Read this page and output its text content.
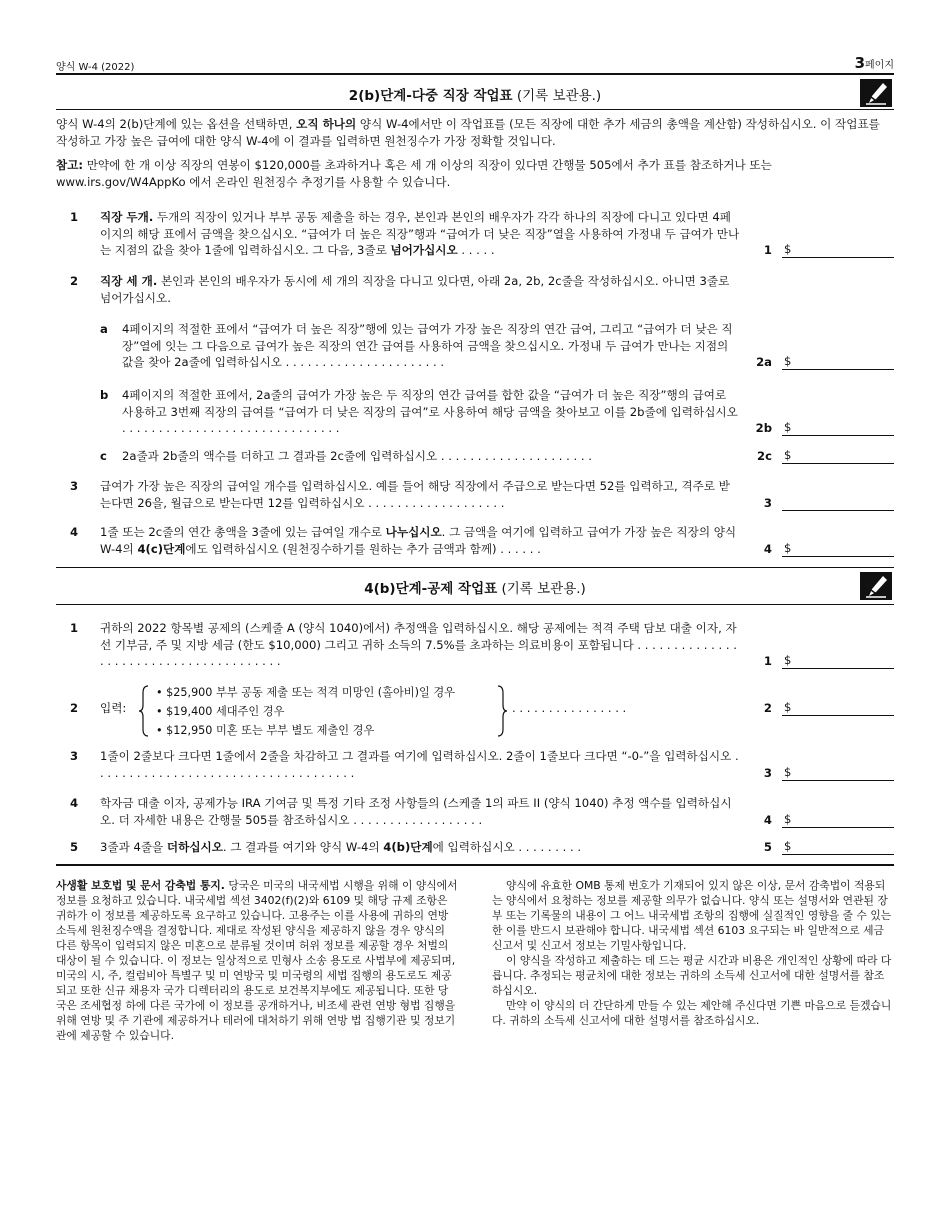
양식 W-4 (2022)	3페이지
2(b)단계-다중 직장 작업표 (기록 보관용.)

양식 W-4의 2(b)단계에 있는 옵션을 선택하면, 오직 하나의 양식 W-4에서만 이 작업표를 (모든 직장에 대한 추가 세금의 총액을 계산함) 작성하십시오. 이 작업표를 작성하고 가장 높은 급여에 대한 양식 W-4에 이 결과를 입력하면 원천징수가 가장 정확할 것입니다.

참고: 만약에 한 개 이상 직장의 연봉이 $120,000를 초과하거나 혹은 세 개 이상의 직장이 있다면 간행물 505에서 추가 표를 참조하거나 또는 www.irs.gov/W4AppKo 에서 온라인 원천징수 추정기를 사용할 수 있습니다.

1 직장 두개. 두개의 직장이 있거나 부부 공동 제출을 하는 경우, 본인과 본인의 배우자가 각각 하나의 직장에 다니고 있다면 4페이지의 해당 표에서 금액을 찾으십시오. “급여가 더 높은 직장”행과 “급여가 더 낮은 직장”열을 사용하여 가정내 두 급여가 만나는 지점의 값을 찾아 1줄에 입력하십시오. 그 다음, 3줄로 넘어가십시오 . . . . .	1 $
2 직장 세 개. 본인과 본인의 배우자가 동시에 세 개의 직장을 다니고 있다면, 아래 2a, 2b, 2c줄을 작성하십시오. 아니면 3줄로 넘어가십시오.
a 4페이지의 적절한 표에서 “급여가 더 높은 직장”행에 있는 급여가 가장 높은 직장의 연간 급여, 그리고 “급여가 더 낮은 직장”열에 잇는 그 다음으로 급여가 높은 직장의 연간 급여를 사용하여 금액을 찾으십시오. 가정내 두 급여가 만나는 지점의 값을 찾아 2a줄에 입력하십시오 . . . . . . . . . . . . . . . . . . . . . .	2a $
b 4페이지의 적절한 표에서, 2a줄의 급여가 가장 높은 두 직장의 연간 급여를 합한 값을 “급여가 더 높은 직장”행의 급여로 사용하고 3번째 직장의 급여를 “급여가 더 낮은 직장의 급여”로 사용하여 해당 금액을 찾아보고 이를 2b줄에 입력하십시오 . . . . . . . . . . . . . . . . . . . . . . . . . . . . . .	2b $
c 2a줄과 2b줄의 액수를 더하고 그 결과를 2c줄에 입력하십시오 . . . . . . . . . . . . . . . . . . . . .	2c $
3 급여가 가장 높은 직장의 급여일 개수를 입력하십시오. 예를 들어 해당 직장에서 주급으로 받는다면 52를 입력하고, 격주로 받는다면 26을, 월급으로 받는다면 12를 입력하십시오 . . . . . . . . . . . . . . . . . . .	3
4 1줄 또는 2c줄의 연간 총액을 3줄에 있는 급여일 개수로 나누십시오. 그 금액을 여기에 입력하고 급여가 가장 높은 직장의 양식 W-4의 4(c)단계에도 입력하십시오 (원천징수하기를 원하는 추가 금액과 함께) . . . . . .	4 $
4(b)단계-공제 작업표 (기록 보관용.)
1 귀하의 2022 항목별 공제의 (스케줄 A (양식 1040)에서) 추정액을 입력하십시오. 해당 공제에는 적격 주택 담보 대출 이자, 자선 기부금, 주 및 지방 세금 (한도 $10,000) 그리고 귀하 소득의 7.5%를 초과하는 의료비용이 포함됩니다 . . . . . . . . . . . . . . . . . . . . . . . . . . . . . . . . . . . . . . .	1 $
2 입력:
• $25,900 부부 공동 제출 또는 적격 미망인 (홀아비)일 경우
• $19,400 세대주인 경우
• $12,950 미혼 또는 부부 별도 제출인 경우
. . . . . . . . . . . . . . . .	2 $
3 1줄이 2줄보다 크다면 1줄에서 2줄을 차감하고 그 결과를 여기에 입력하십시오. 2줄이 1줄보다 크다면 “-0-”을 입력하십시오 . . . . . . . . . . . . . . . . . . . . . . . . . . . . . . . . . . . .	3 $
4 학자금 대출 이자, 공제가능 IRA 기여금 및 특정 기타 조정 사항들의 (스케줄 1의 파트 II (양식 1040) 추정 액수를 입력하십시오. 더 자세한 내용은 간행물 505를 참조하십시오 . . . . . . . . . . . . . . . . . .	4 $
5 3줄과 4줄을 더하십시오. 그 결과를 여기와 양식 W-4의 4(b)단계에 입력하십시오 . . . . . . . . .	5 $
사생활 보호법 및 문서 감축법 통지. 당국은 미국의 내국세법 시행을 위해 이 양식에서 정보를 요청하고 있습니다. 내국세법 섹션 3402(f)(2)와 6109 및 해당 규제 조항은 귀하가 이 정보를 제공하도록 요구하고 있습니다. 고용주는 이를 사용에 귀하의 연방 소득세 원천징수액을 결정합니다. 제대로 작성된 양식을 제공하지 않을 경우 양식의 다른 항목이 입력되지 않은 미혼으로 분류될 것이며 허위 정보를 제공할 경우 처벌의 대상이 될 수 있습니다. 이 정보는 일상적으로 민형사 소송 용도로 사법부에 제공되며, 미국의 시, 주, 컬럼비아 특별구 및 미 연방국 및 미국령의 세법 집행의 용도로도 제공되고 또한 신규 채용자 국가 디렉터리의 용도로 보건복지부에도 제공됩니다. 또한 당국은 조세협정 하에 다른 국가에 이 정보를 공개하거나, 비조세 관련 연방 형법 집행을 위해 연방 및 주 기관에 제공하거나 테러에 대처하기 위해 연방 법 집행기관 및 정보기관에 제공할 수 있습니다.
양식에 유효한 OMB 통제 번호가 기재되어 있지 않은 이상, 문서 감축법이 적용되는 양식에서 요청하는 정보를 제공할 의무가 없습니다. 양식 또는 설명서와 연관된 장부 또는 기록물의 내용이 그 어느 내국세법 조항의 집행에 실질적인 영향을 줄 수 있는 한 이를 반드시 보관해야 합니다. 내국세법 섹션 6103 요구되는 바 일반적으로 세금 신고서 및 신고서 정보는 기밀사항입니다.
이 양식을 작성하고 제출하는 데 드는 평균 시간과 비용은 개인적인 상황에 따라 다릅니다. 추정되는 평균치에 대한 정보는 귀하의 소득세 신고서에 대한 설명서를 참조하십시오.
만약 이 양식의 더 간단하게 만들 수 있는 제안해 주신다면 기쁜 마음으로 듣겠습니다. 귀하의 소득세 신고서에 대한 설명서를 참조하십시오.
